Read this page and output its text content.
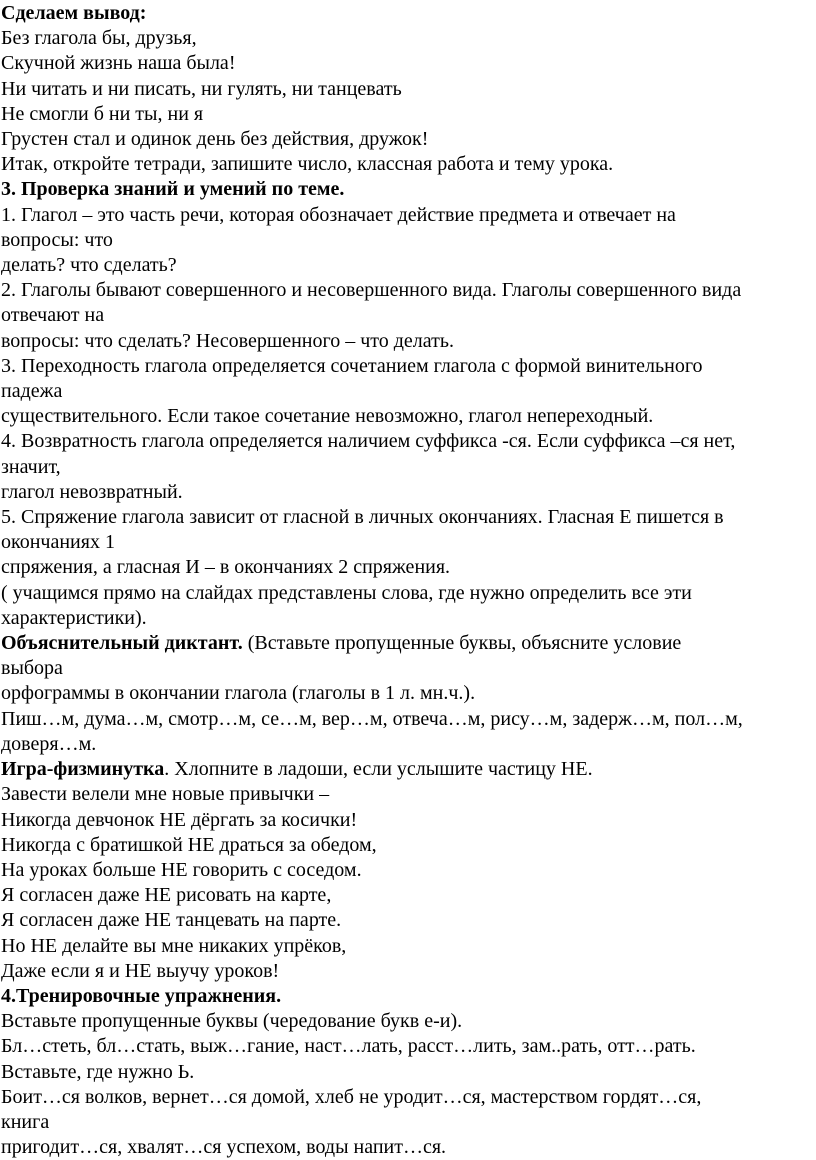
Сделаем вывод:
Без глагола бы, друзья,
Скучной жизнь наша была!
Ни читать и ни писать, ни гулять, ни танцевать
Не смогли б ни ты, ни я
Грустен стал и одинок день без действия, дружок!
Итак, откройте тетради, запишите число, классная работа и тему урока.
3. Проверка знаний и умений по теме.
1. Глагол – это часть речи, которая обозначает действие предмета и отвечает на
вопросы: что
делать? что сделать?
2. Глаголы бывают совершенного и несовершенного вида. Глаголы совершенного вида
отвечают на
вопросы: что сделать? Несовершенного – что делать.
3. Переходность глагола определяется сочетанием глагола с формой винительного
падежа
существительного. Если такое сочетание невозможно, глагол непереходный.
4. Возвратность глагола определяется наличием суффикса -ся. Если суффикса –ся нет,
значит,
глагол невозвратный.
5. Спряжение глагола зависит от гласной в личных окончаниях. Гласная Е пишется в
окончаниях 1
спряжения, а гласная И – в окончаниях 2 спряжения.
( учащимся прямо на слайдах представлены слова, где нужно определить все эти
характеристики).
Объяснительный диктант. (Вставьте пропущенные буквы, объясните условие
выбора
орфограммы в окончании глагола (глаголы в 1 л. мн.ч.).
Пиш…м, дума…м, смотр…м, се…м, вер…м, отвеча…м, рису…м, задерж…м, пол…м,
доверя…м.
Игра-физминутка. Хлопните в ладоши, если услышите частицу НЕ.
Завести велели мне новые привычки –
Никогда девчонок НЕ дёргать за косички!
Никогда с братишкой НЕ драться за обедом,
На уроках больше НЕ говорить с соседом.
Я согласен даже НЕ рисовать на карте,
Я согласен даже НЕ танцевать на парте.
Но НЕ делайте вы мне никаких упрёков,
Даже если я и НЕ выучу уроков!
4.Тренировочные упражнения.
Вставьте пропущенные буквы (чередование букв е-и).
Бл…стеть, бл…стать, выж…гание, наст…лать, расст…лить, зам..рать, отт…рать.
Вставьте, где нужно Ь.
Боит…ся волков, вернет…ся домой, хлеб не уродит…ся, мастерством гордят…ся,
книга
пригодит…ся, хвалят…ся успехом, воды напит…ся.
